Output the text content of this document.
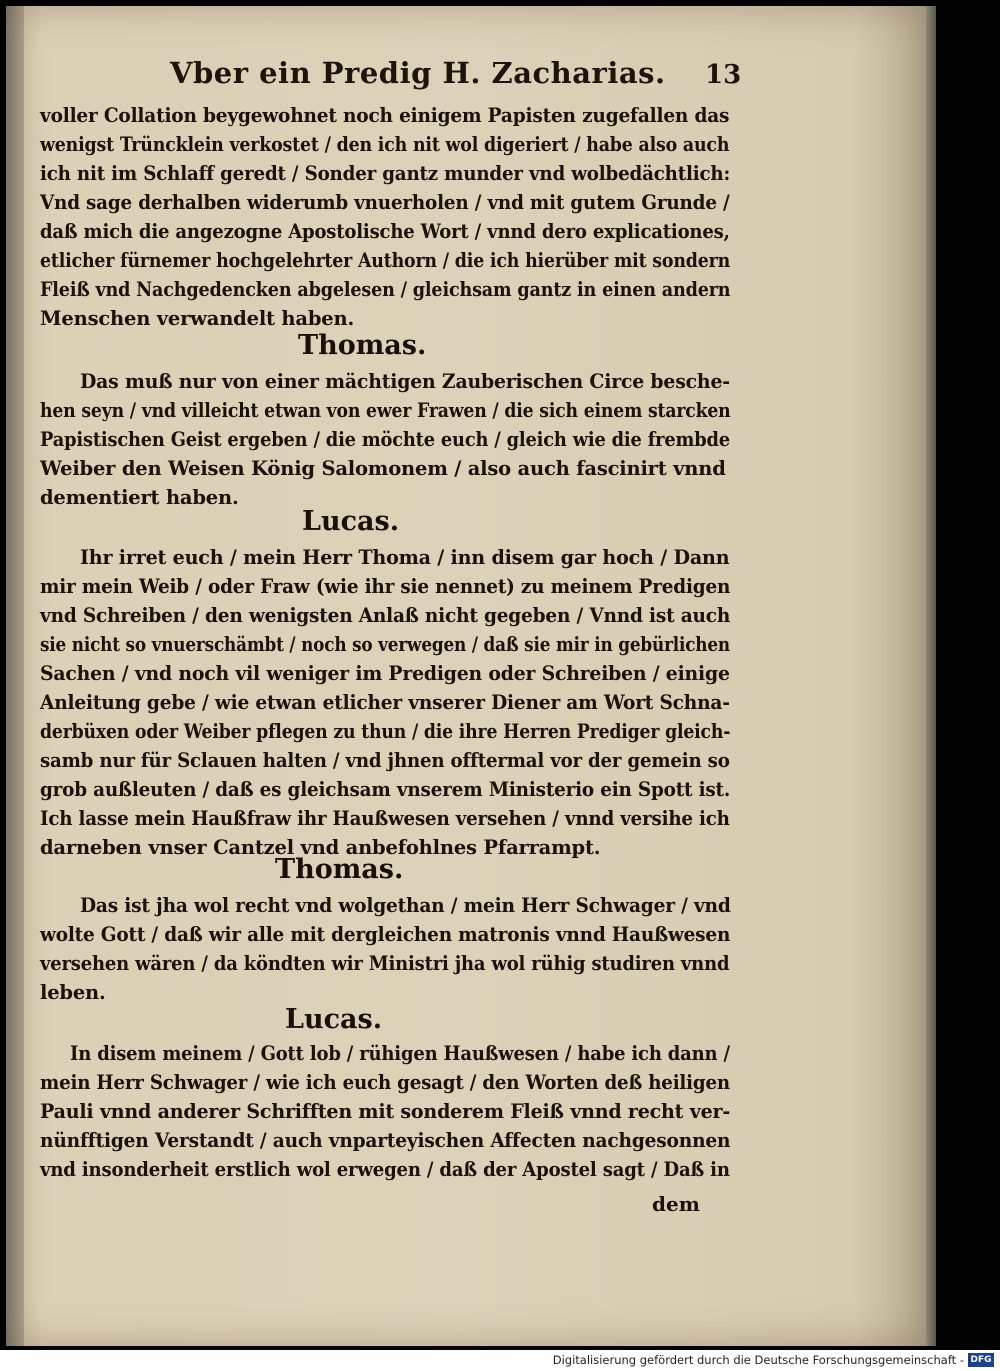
Vber ein Predig H. Zacharias. 13
voller Collation beygewohnet noch einigem Papisten zugefallen das
wenigst Trüncklein verkostet / den ich nit wol digeriert / habe also auch
ich nit im Schlaff geredt / Sonder gantz munder vnd wolbedächtlich:
Vnd sage derhalben widerumb vnuerholen / vnd mit gutem Grunde /
daß mich die angezogne Apostolische Wort / vnnd dero explicationes,
etlicher fürnemer hochgelehrter Authorn / die ich hierüber mit sondern
Fleiß vnd Nachgedencken abgelesen / gleichsam gantz in einen andern
Menschen verwandelt haben.
Thomas.
Das muß nur von einer mächtigen Zauberischen Circe besche-
hen seyn / vnd villeicht etwan von ewer Frawen / die sich einem starcken
Papistischen Geist ergeben / die möchte euch / gleich wie die frembde
Weiber den Weisen König Salomonem / also auch fascinirt vnnd
dementiert haben.
Lucas.
Ihr irret euch / mein Herr Thoma / inn disem gar hoch / Dann
mir mein Weib / oder Fraw (wie ihr sie nennet) zu meinem Predigen
vnd Schreiben / den wenigsten Anlaß nicht gegeben / Vnnd ist auch
sie nicht so vnuerschämbt / noch so verwegen / daß sie mir in gebürlichen
Sachen / vnd noch vil weniger im Predigen oder Schreiben / einige
Anleitung gebe / wie etwan etlicher vnserer Diener am Wort Schna-
derbüxen oder Weiber pflegen zu thun / die ihre Herren Prediger gleich-
samb nur für Sclauen halten / vnd jhnen offtermal vor der gemein so
grob außleuten / daß es gleichsam vnserem Ministerio ein Spott ist.
Ich lasse mein Haußfraw ihr Haußwesen versehen / vnnd versihe ich
darneben vnser Cantzel vnd anbefohlnes Pfarrampt.
Thomas.
Das ist jha wol recht vnd wolgethan / mein Herr Schwager / vnd
wolte Gott / daß wir alle mit dergleichen matronis vnnd Haußwesen
versehen wären / da köndten wir Ministri jha wol rühig studiren vnnd
leben.
Lucas.
In disem meinem / Gott lob / rühigen Haußwesen / habe ich dann /
mein Herr Schwager / wie ich euch gesagt / den Worten deß heiligen
Pauli vnnd anderer Schrifften mit sonderem Fleiß vnnd recht ver-
nünfftigen Verstandt / auch vnparteyischen Affecten nachgesonnen
vnd insonderheit erstlich wol erwegen / daß der Apostel sagt / Daß in
dem
Digitalisierung gefördert durch die Deutsche Forschungsgemeinschaft - DFG
